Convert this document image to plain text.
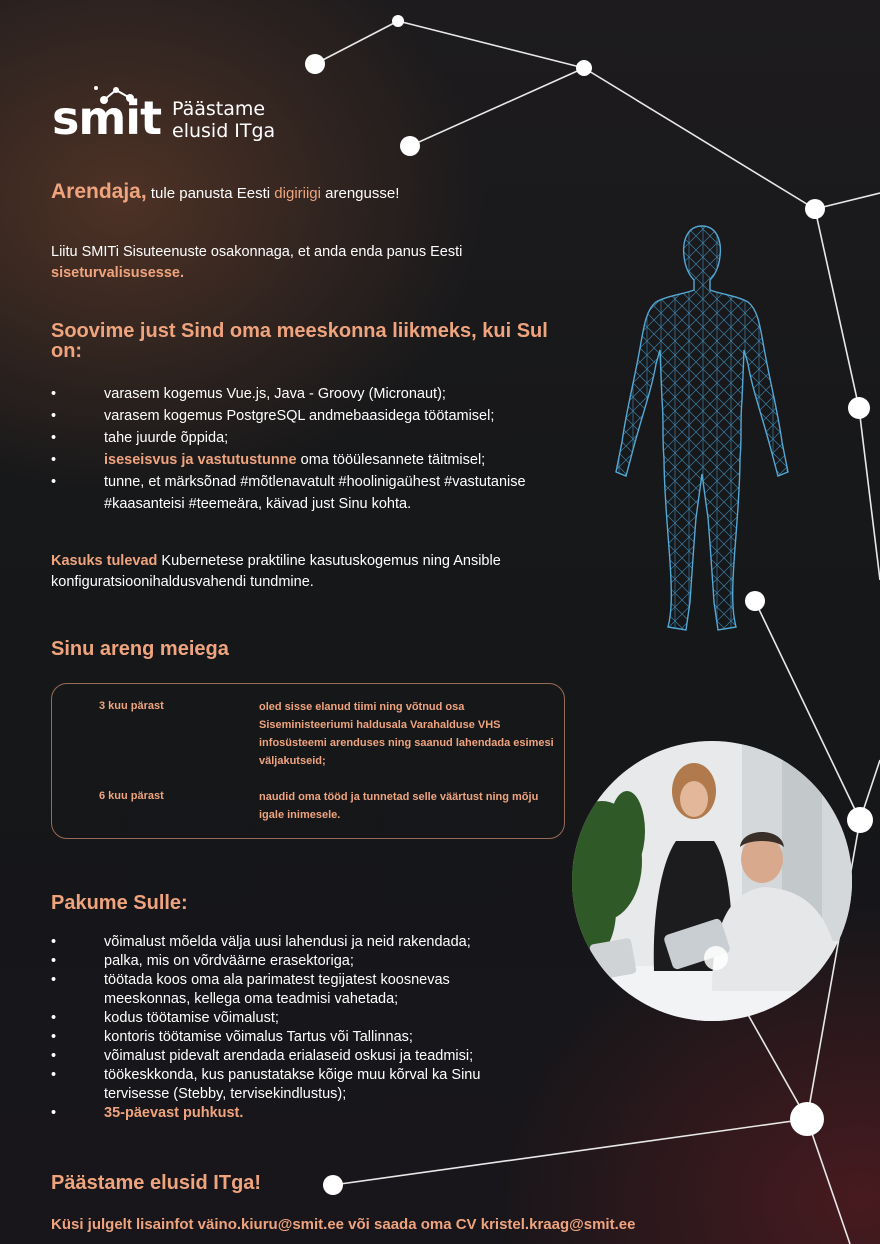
smit Päästame
elusid ITga
Arendaja, tule panusta Eesti digiriigi arengusse!
Liitu SMITi Sisuteenuste osakonnaga, et anda enda panus Eesti siseturvalisusesse.
Soovime just Sind oma meeskonna liikmeks, kui Sul on:
•	varasem kogemus Vue.js, Java - Groovy (Micronaut);
•	varasem kogemus PostgreSQL andmebaasidega töötamisel;
•	tahe juurde õppida;
•	iseseisvus ja vastutustunne oma tööülesannete täitmisel;
•	tunne, et märksõnad #mõtlenavatult #hoolinigaühest #vastutanise #kaasanteisi #teemeära, käivad just Sinu kohta.
Kasuks tulevad Kubernetese praktiline kasutuskogemus ning Ansible konfiguratsioonihaldusvahendi tundmine.
Sinu areng meiega
3 kuu pärast	oled sisse elanud tiimi ning võtnud osa Siseministeeriumi haldusala Varahalduse VHS infosüsteemi arenduses ning saanud lahendada esimesi väljakutseid;
6 kuu pärast	naudid oma tööd ja tunnetad selle väärtust ning mõju igale inimesele.
Pakume Sulle:
•	võimalust mõelda välja uusi lahendusi ja neid rakendada;
•	palka, mis on võrdväärne erasektoriga;
•	töötada koos oma ala parimatest tegijatest koosnevas meeskonnas, kellega oma teadmisi vahetada;
•	kodus töötamise võimalust;
•	kontoris töötamise võimalus Tartus või Tallinnas;
•	võimalust pidevalt arendada erialaseid oskusi ja teadmisi;
•	töökeskkonda, kus panustatakse kõige muu kõrval ka Sinu tervisesse (Stebby, tervisekindlustus);
•	35-päevast puhkust.
Päästame elusid ITga!
Küsi julgelt lisainfot väino.kiuru@smit.ee või saada oma CV kristel.kraag@smit.ee
